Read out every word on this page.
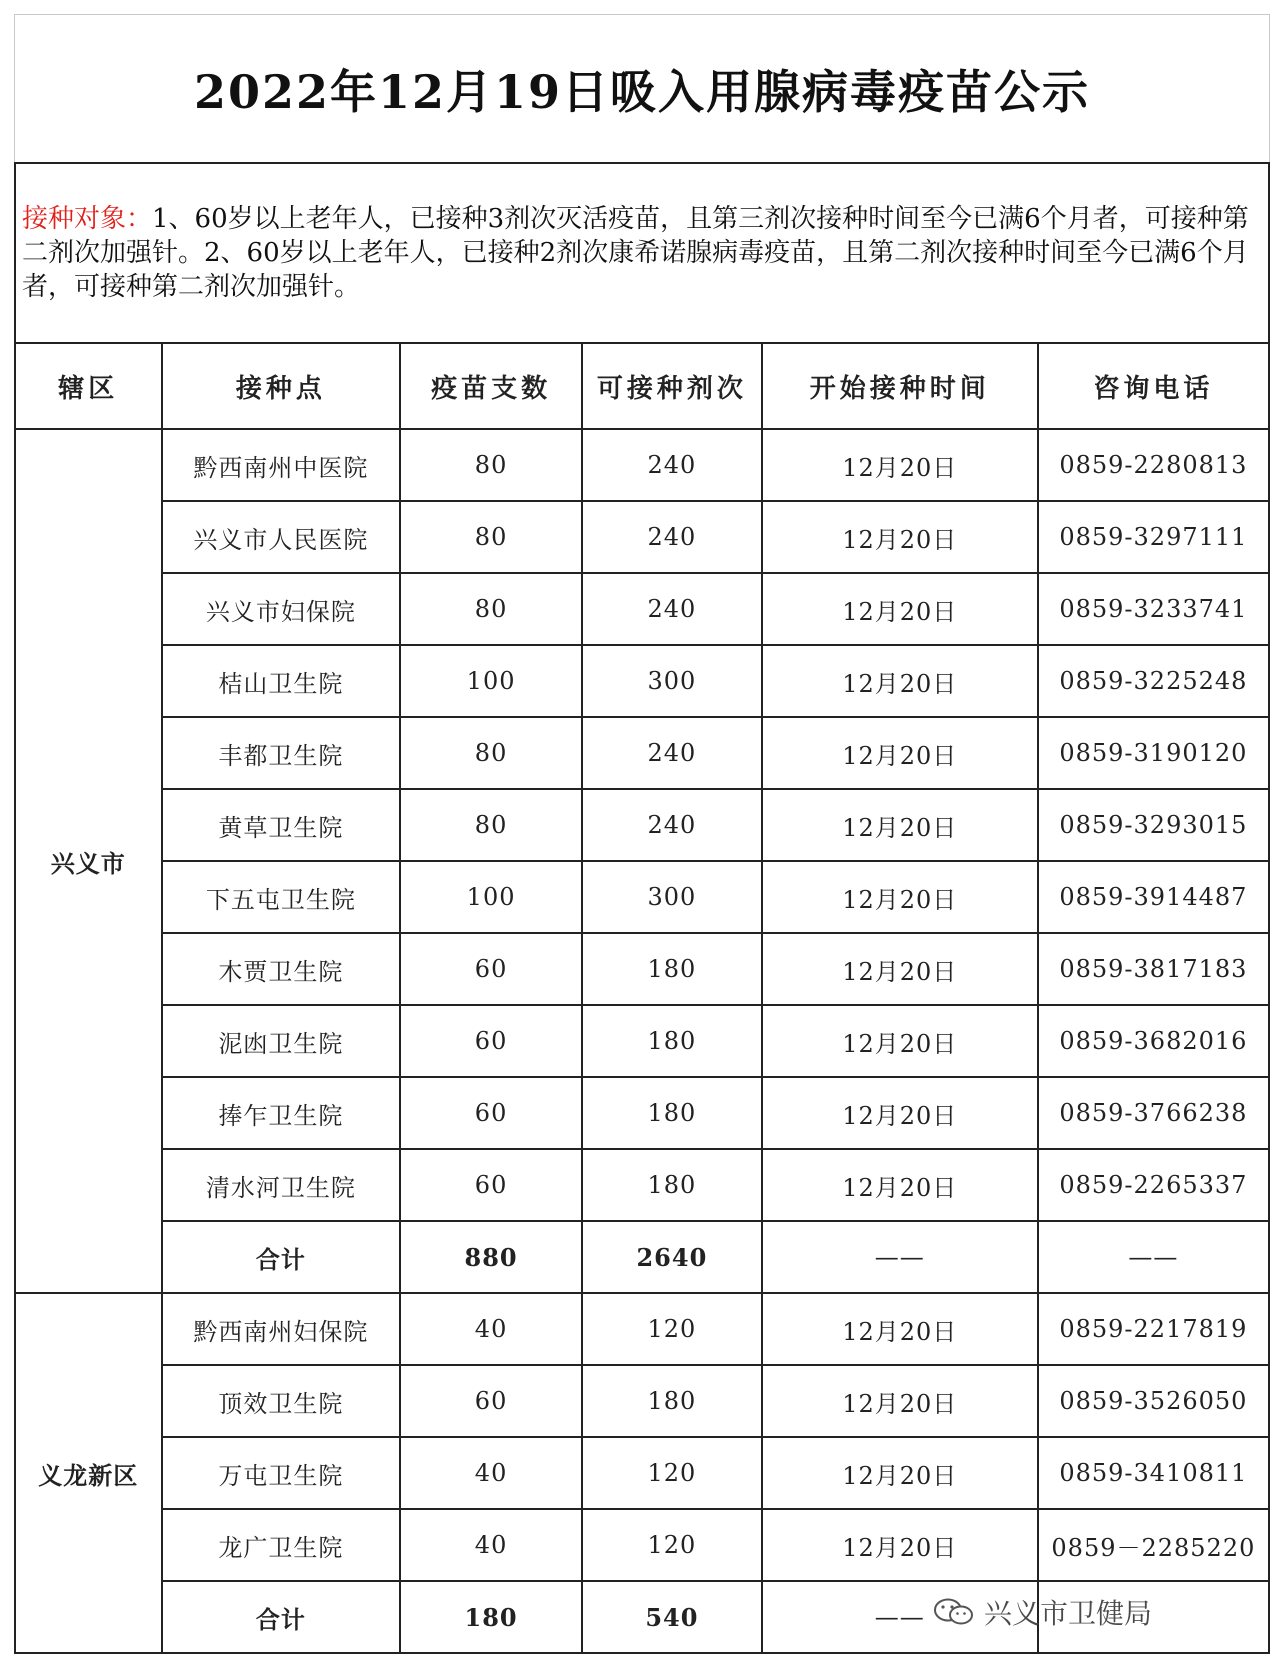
2022年12月19日吸入用腺病毒疫苗公示
接种对象：1、60岁以上老年人，已接种3剂次灭活疫苗，且第三剂次接种时间至今已满6个月者，可接种第二剂次加强针。2、60岁以上老年人，已接种2剂次康希诺腺病毒疫苗，且第二剂次接种时间至今已满6个月者，可接种第二剂次加强针。					

辖区	接种点	疫苗支数	可接种剂次	开始接种时间	咨询电话
兴义市	黔西南州中医院	80	240	12月20日	0859-2280813
	兴义市人民医院	80	240	12月20日	0859-3297111
	兴义市妇保院	80	240	12月20日	0859-3233741
	桔山卫生院	100	300	12月20日	0859-3225248
	丰都卫生院	80	240	12月20日	0859-3190120
	黄草卫生院	80	240	12月20日	0859-3293015
	下五屯卫生院	100	300	12月20日	0859-3914487
	木贾卫生院	60	180	12月20日	0859-3817183
	泥凼卫生院	60	180	12月20日	0859-3682016
	捧乍卫生院	60	180	12月20日	0859-3766238
	清水河卫生院	60	180	12月20日	0859-2265337
	合计	880	2640	——	——
义龙新区	黔西南州妇保院	40	120	12月20日	0859-2217819
	顶效卫生院	60	180	12月20日	0859-3526050
	万屯卫生院	40	120	12月20日	0859-3410811
	龙广卫生院	40	120	12月20日	0859－2285220
	合计	180	540	——	兴义市卫健局
